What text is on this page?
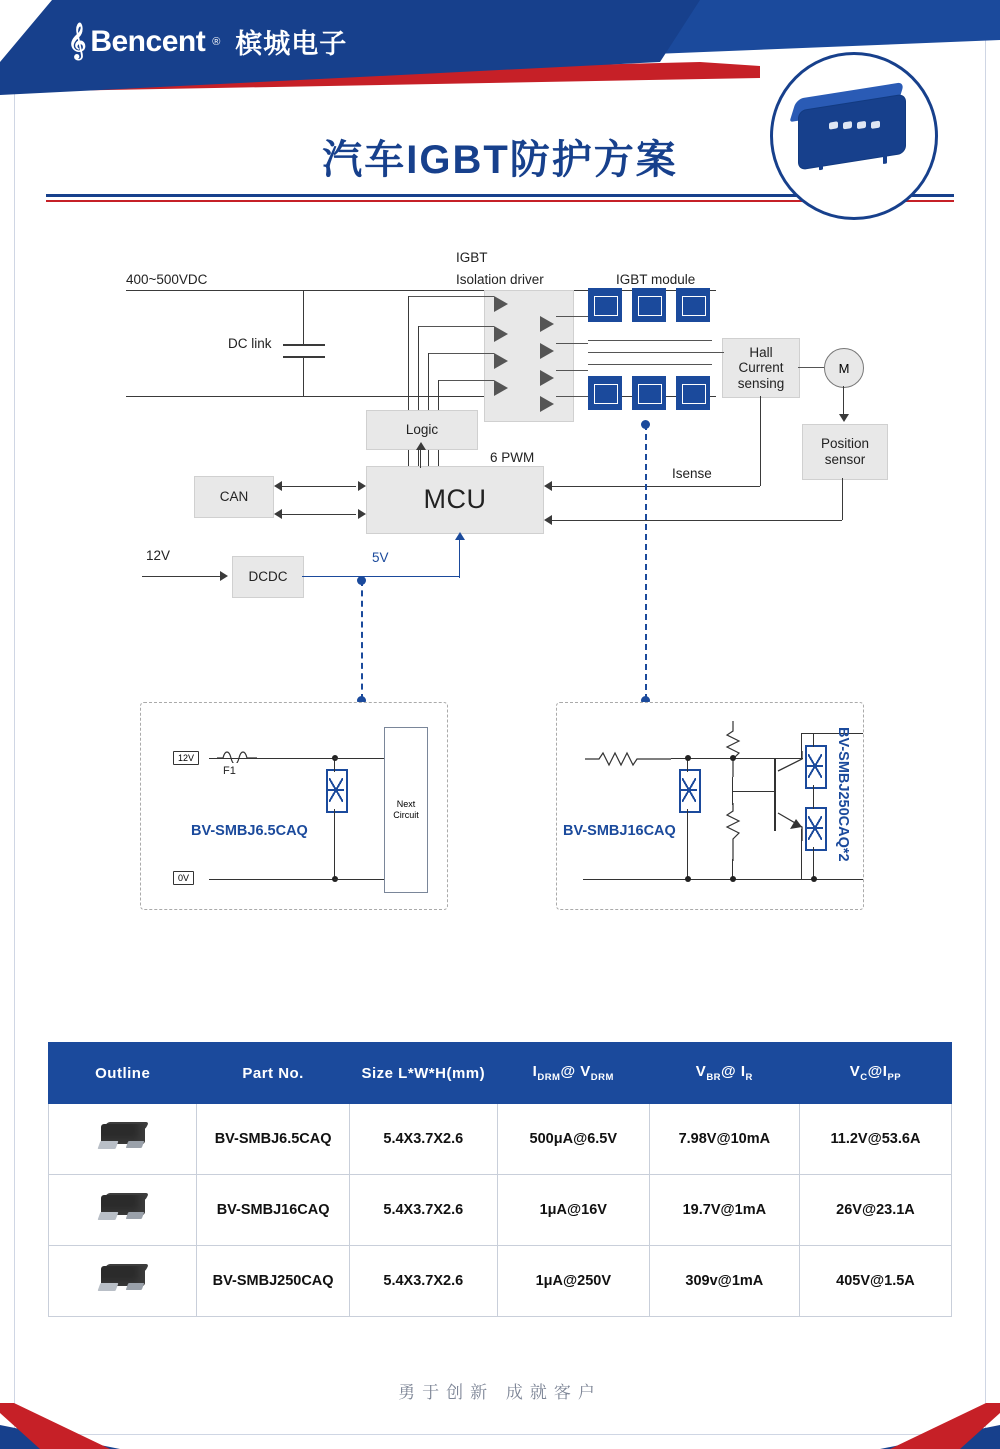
𝄞 Bencent ® 槟城电子
汽车IGBT防护方案
400~500VDC
IGBT
Isolation driver	IGBT module
DC link
Hall
Current
sensing
M
Position
sensor
Logic
MCU
6 PWM
CAN
Isense
12V
DCDC
5V
12V
0V
F1
Next
Circuit
BV-SMBJ6.5CAQ	BV-SMBJ16CAQ	BV-SMBJ250CAQ*2
Outline	Part No.	Size L*W*H(mm)	$I_{DRM}@$ $V_{DRM}$	$V_{BR}@$ $I_R$	$V_C@I_{PP}$

	BV-SMBJ6.5CAQ	5.4X3.7X2.6	500μA@6.5V	7.98V@10mA	11.2V@53.6A

	BV-SMBJ16CAQ	5.4X3.7X2.6	1μA@16V	19.7V@1mA	26V@23.1A

	BV-SMBJ250CAQ	5.4X3.7X2.6	1μA@250V	309v@1mA	405V@1.5A
勇于创新 成就客户
